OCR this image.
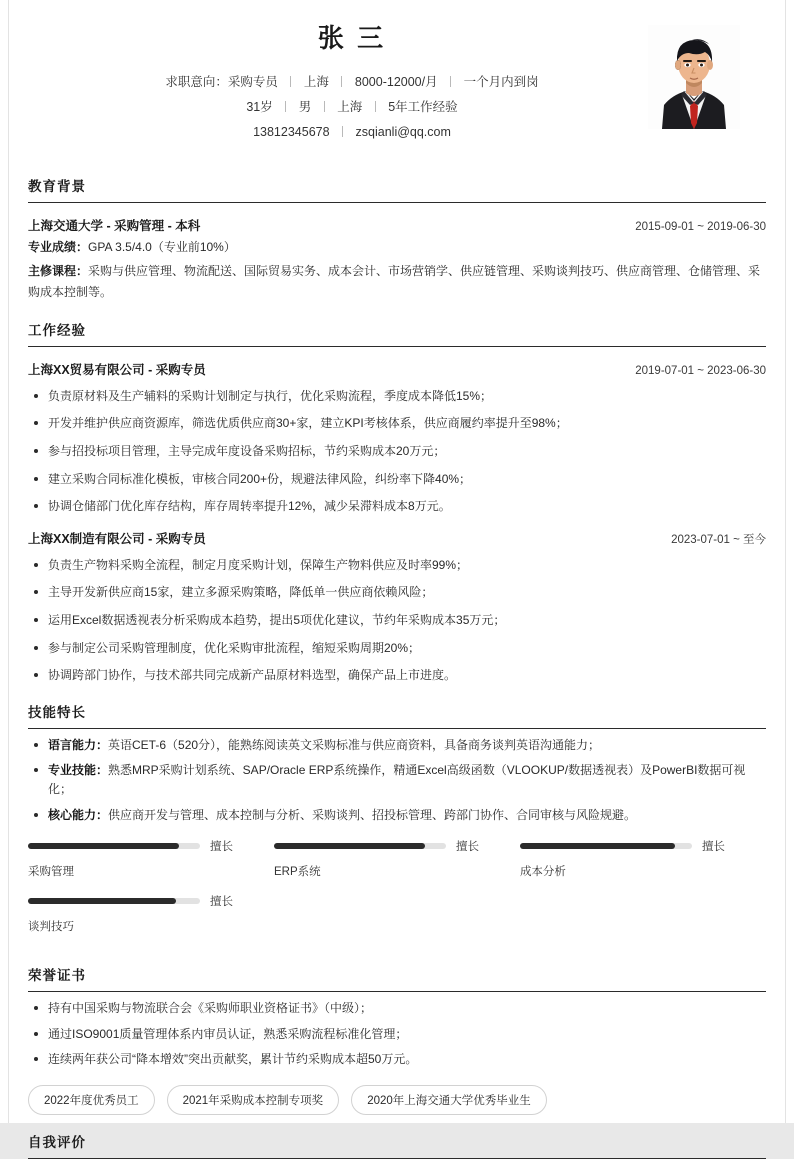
张 三
求职意向：采购专员 上海 8000-12000/月 一个月内到岗
31岁 男 上海 5年工作经验
13812345678 zsqianli@qq.com
教育背景
上海交通大学 - 采购管理 - 本科	2015-09-01 ~ 2019-06-30
专业成绩：GPA 3.5/4.0（专业前10%）
主修课程：采购与供应管理、物流配送、国际贸易实务、成本会计、市场营销学、供应链管理、采购谈判技巧、供应商管理、仓储管理、采购成本控制等。
工作经验
上海XX贸易有限公司 - 采购专员	2019-07-01 ~ 2023-06-30
负责原材料及生产辅料的采购计划制定与执行，优化采购流程，季度成本降低15%；
开发并维护供应商资源库，筛选优质供应商30+家，建立KPI考核体系，供应商履约率提升至98%；
参与招投标项目管理，主导完成年度设备采购招标，节约采购成本20万元；
建立采购合同标准化模板，审核合同200+份，规避法律风险，纠纷率下降40%；
协调仓储部门优化库存结构，库存周转率提升12%，减少呆滞料成本8万元。
上海XX制造有限公司 - 采购专员	2023-07-01 ~ 至今
负责生产物料采购全流程，制定月度采购计划，保障生产物料供应及时率99%；
主导开发新供应商15家，建立多源采购策略，降低单一供应商依赖风险；
运用Excel数据透视表分析采购成本趋势，提出5项优化建议，节约年采购成本35万元；
参与制定公司采购管理制度，优化采购审批流程，缩短采购周期20%；
协调跨部门协作，与技术部共同完成新产品原材料选型，确保产品上市进度。
技能特长
语言能力：英语CET-6（520分），能熟练阅读英文采购标准与供应商资料，具备商务谈判英语沟通能力；
专业技能：熟悉MRP采购计划系统、SAP/Oracle ERP系统操作，精通Excel高级函数（VLOOKUP/数据透视表）及PowerBI数据可视化；
核心能力：供应商开发与管理、成本控制与分析、采购谈判、招投标管理、跨部门协作、合同审核与风险规避。
擅长
采购管理
擅长
ERP系统
擅长
成本分析
擅长
谈判技巧
荣誉证书
持有中国采购与物流联合会《采购师职业资格证书》（中级）；
通过ISO9001质量管理体系内审员认证，熟悉采购流程标准化管理；
连续两年获公司“降本增效”突出贡献奖，累计节约采购成本超50万元。
2022年度优秀员工	2021年采购成本控制专项奖	2020年上海交通大学优秀毕业生
自我评价
